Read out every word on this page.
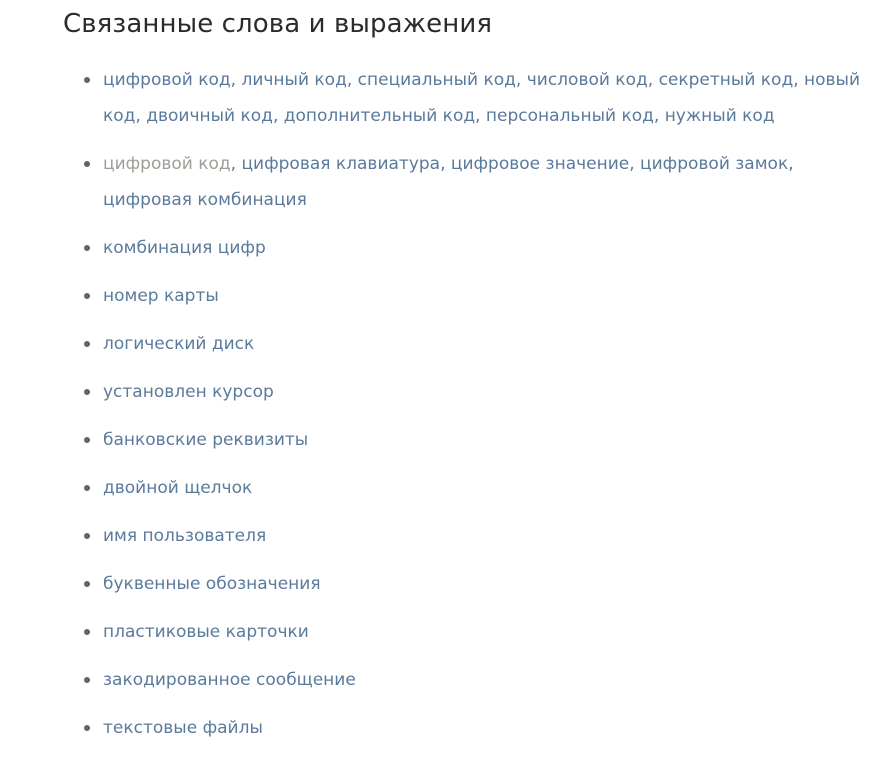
Связанные слова и выражения
цифровой код, личный код, специальный код, числовой код, секретный код, новый код, двоичный код, дополнительный код, персональный код, нужный код
цифровой код, цифровая клавиатура, цифровое значение, цифровой замок, цифровая комбинация
комбинация цифр
номер карты
логический диск
установлен курсор
банковские реквизиты
двойной щелчок
имя пользователя
буквенные обозначения
пластиковые карточки
закодированное сообщение
текстовые файлы
